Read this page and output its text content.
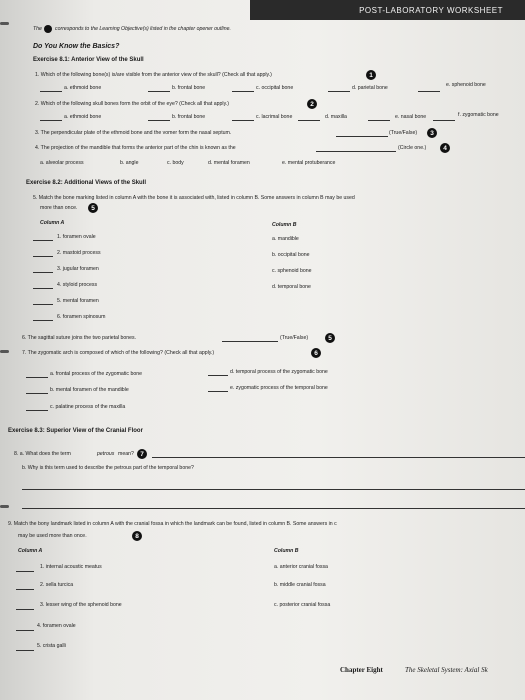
POST-LABORATORY WORKSHEET
The	corresponds to the Learning Objective(s) listed in the chapter opener outline.
Do You Know the Basics?
Exercise 8.1: Anterior View of the Skull
1. Which of the following bone(s) is/are visible from the anterior view of the skull? (Check all that apply.)	1
a. ethmoid bone	b. frontal bone	c. occipital bone	d. parietal bone	e. sphenoid bone
2. Which of the following skull bones form the orbit of the eye? (Check all that apply.)	2
a. ethmoid bone	b. frontal bone	c. lacrimal bone	d. maxilla	e. nasal bone	f. zygomatic bone
3. The perpendicular plate of the ethmoid bone and the vomer form the nasal septum.	(True/False)	3
4. The projection of the mandible that forms the anterior part of the chin is known as the	(Circle one.)	4
a. alveolar process	b. angle	c. body	d. mental foramen	e. mental protuberance
Exercise 8.2: Additional Views of the Skull
5. Match the bone marking listed in column A with the bone it is associated with, listed in column B. Some answers in column B may be used
more than once.	5
Column A	Column B
1. foramen ovale
2. mastoid process
3. jugular foramen
4. styloid process
5. mental foramen
6. foramen spinosum
a. mandible
b. occipital bone
c. sphenoid bone
d. temporal bone
6. The sagittal suture joins the two parietal bones.	(True/False)	5
7. The zygomatic arch is composed of which of the following? (Check all that apply.)	6
a. frontal process of the zygomatic bone
b. mental foramen of the mandible
c. palatine process of the maxilla
d. temporal process of the zygomatic bone
e. zygomatic process of the temporal bone
Exercise 8.3: Superior View of the Cranial Floor
8. a. What does the term	petrous mean? 7
b. Why is this term used to describe the petrous part of the temporal bone?
9. Match the bony landmark listed in column A with the cranial fossa in which the landmark can be found, listed in column B. Some answers in c
may be used more than once.	8
Column A	Column B
1. internal acoustic meatus
2. sella turcica
3. lesser wing of the sphenoid bone
4. foramen ovale
5. crista galli
a. anterior cranial fossa
b. middle cranial fossa
c. posterior cranial fossa
Chapter Eight	The Skeletal System: Axial Sk
